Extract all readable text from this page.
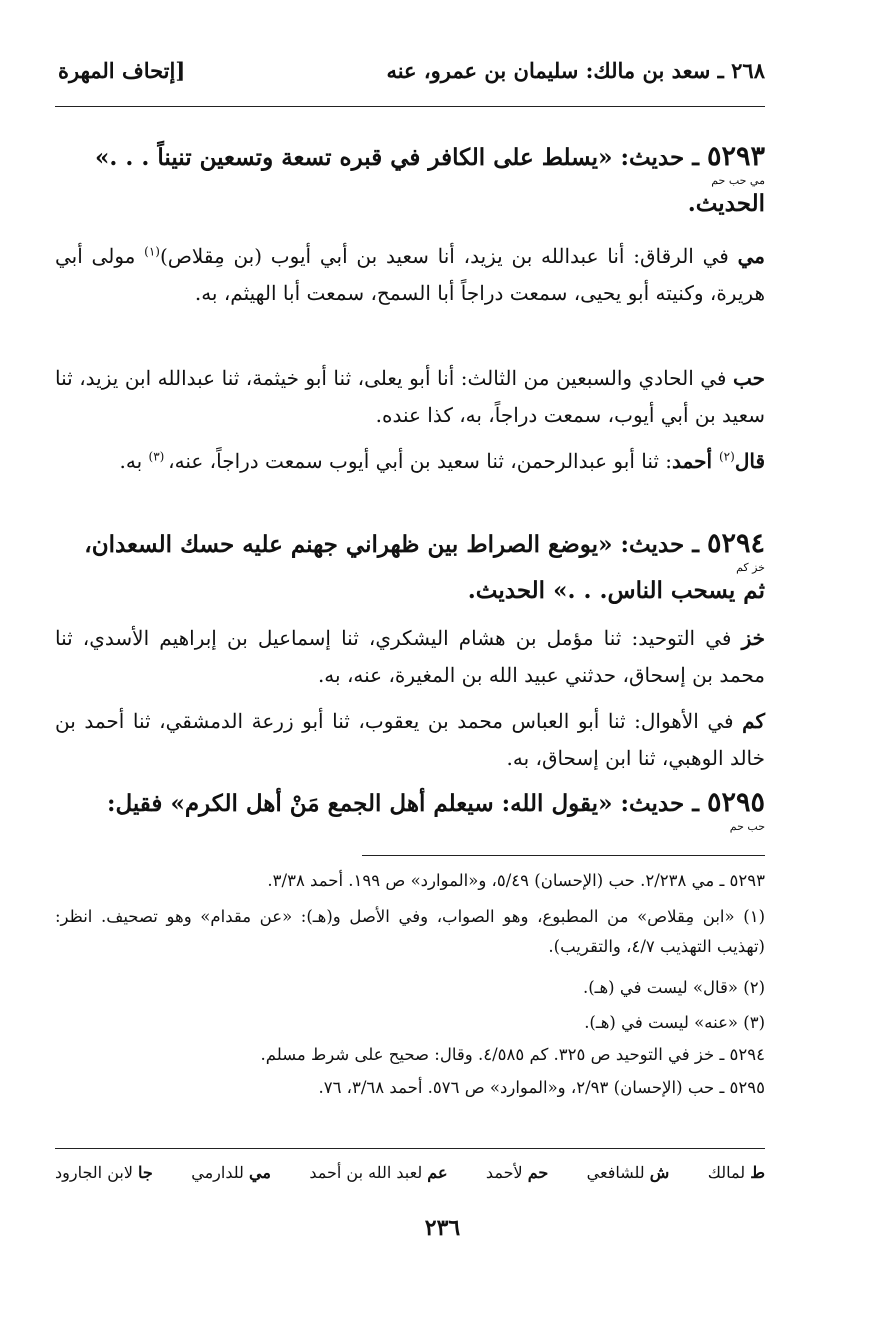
٢٦٨ ـ سعد بن مالك: سليمان بن عمرو، عنه
[إتحاف المهرة
٥٢٩٣ ـ حديث: «يسلط على الكافر في قبره تسعة وتسعين تنيناً . . .»
مي حب حم
الحديث.
مي في الرقاق: أنا عبدالله بن يزيد، أنا سعيد بن أبي أيوب (بن مِقلاص)$^{(١)}$ مولى أبي هريرة، وكنيته أبو يحيى، سمعت دراجاً أبا السمح، سمعت أبا الهيثم، به.
حب في الحادي والسبعين من الثالث: أنا أبو يعلى، ثنا أبو خيثمة، ثنا عبدالله ابن يزيد، ثنا سعيد بن أبي أيوب، سمعت دراجاً، به، كذا عنده.
قال$^{(٢)}$ أحمد: ثنا أبو عبدالرحمن، ثنا سعيد بن أبي أيوب سمعت دراجاً، عنه، $^{(٣)}$ به.
٥٢٩٤ ـ حديث: «يوضع الصراط بين ظهراني جهنم عليه حسك السعدان،
خز كم
ثم يسحب الناس. . .» الحديث.
خز في التوحيد: ثنا مؤمل بن هشام اليشكري، ثنا إسماعيل بن إبراهيم الأسدي، ثنا محمد بن إسحاق، حدثني عبيد الله بن المغيرة، عنه، به.
كم في الأهوال: ثنا أبو العباس محمد بن يعقوب، ثنا أبو زرعة الدمشقي، ثنا أحمد بن خالد الوهبي، ثنا ابن إسحاق، به.
٥٢٩٥ ـ حديث: «يقول الله: سيعلم أهل الجمع مَنْ أهل الكرم» فقيل:
حب حم
٥٢٩٣ ـ مي ٢/٢٣٨. حب (الإحسان) ٥/٤٩، و«الموارد» ص ١٩٩. أحمد ٣/٣٨.
(١) «ابن مِقلاص» من المطبوع، وهو الصواب، وفي الأصل و(هـ): «عن مقدام» وهو تصحيف. انظر: (تهذيب التهذيب ٤/٧، والتقريب).
(٢) «قال» ليست في (هـ).
(٣) «عنه» ليست في (هـ).
٥٢٩٤ ـ خز في التوحيد ص ٣٢٥. كم ٤/٥٨٥. وقال: صحيح على شرط مسلم.
٥٢٩٥ ـ حب (الإحسان) ٢/٩٣، و«الموارد» ص ٥٧٦. أحمد ٣/٦٨، ٧٦.
ط لمالك
ش للشافعي
حم لأحمد
عم لعبد الله بن أحمد
مي للدارمي
جا لابن الجارود
٢٣٦
